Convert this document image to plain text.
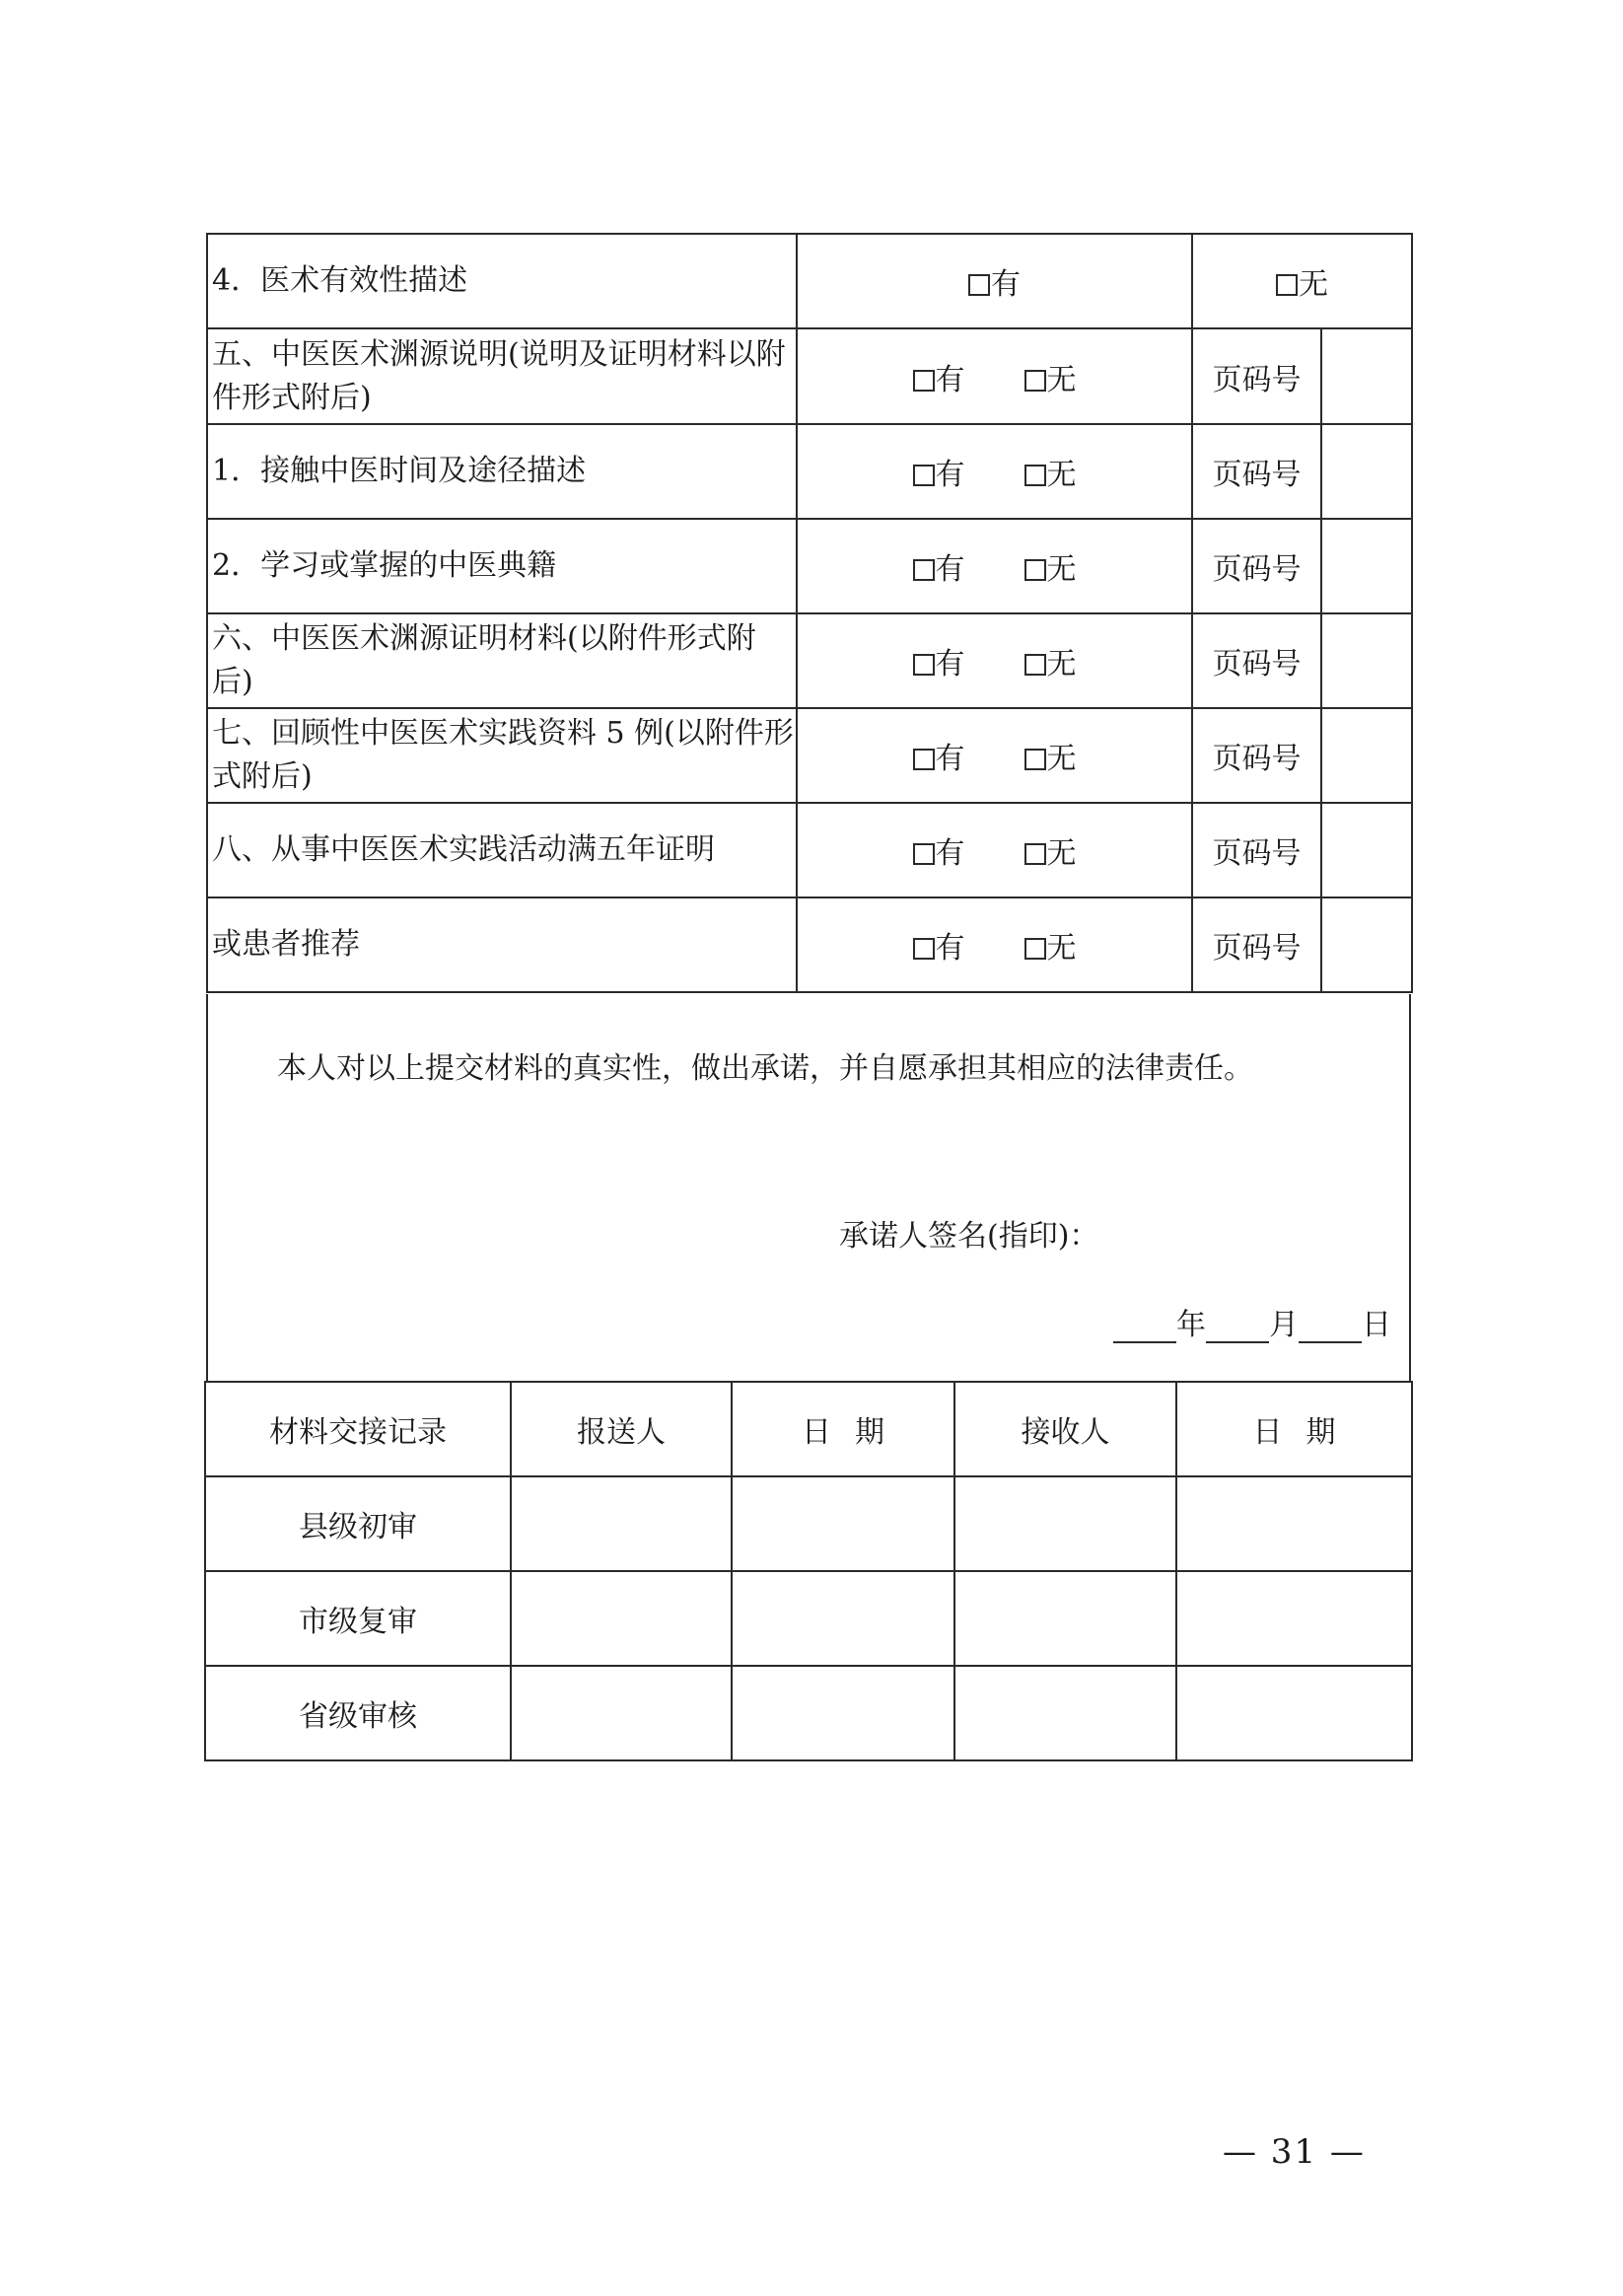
4．医术有效性描述	有	无	
五、中医医术渊源说明(说明及证明材料以附件形式附后)	有 无	页码号	
1．接触中医时间及途径描述	有 无	页码号	
2．学习或掌握的中医典籍	有 无	页码号	
六、中医医术渊源证明材料(以附件形式附后)	有 无	页码号	
七、回顾性中医医术实践资料 5 例(以附件形式附后)	有 无	页码号	
八、从事中医医术实践活动满五年证明	有 无	页码号	
或患者推荐	有 无	页码号	
本人对以上提交材料的真实性，做出承诺，并自愿承担其相应的法律责任。
承诺人签名(指印)：
年 月 日
材料交接记录	报送人	日期	接收人	日期
县级初审				
市级复审				
省级审核				
— 31 —
